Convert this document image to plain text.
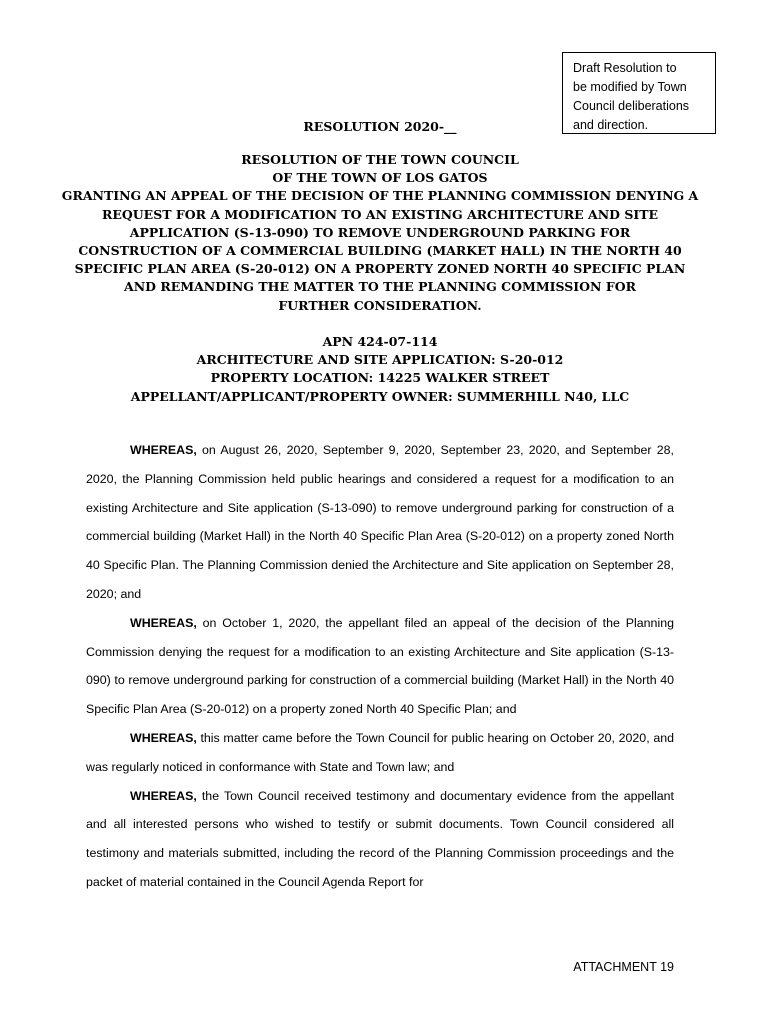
Draft Resolution to
be modified by Town
Council deliberations
and direction.
RESOLUTION 2020-__
RESOLUTION OF THE TOWN COUNCIL
OF THE TOWN OF LOS GATOS
GRANTING AN APPEAL OF THE DECISION OF THE PLANNING COMMISSION DENYING A
REQUEST FOR A MODIFICATION TO AN EXISTING ARCHITECTURE AND SITE
APPLICATION (S-13-090) TO REMOVE UNDERGROUND PARKING FOR
CONSTRUCTION OF A COMMERCIAL BUILDING (MARKET HALL) IN THE NORTH 40
SPECIFIC PLAN AREA (S-20-012) ON A PROPERTY ZONED NORTH 40 SPECIFIC PLAN
AND REMANDING THE MATTER TO THE PLANNING COMMISSION FOR
FURTHER CONSIDERATION.
APN 424-07-114
ARCHITECTURE AND SITE APPLICATION: S-20-012
PROPERTY LOCATION: 14225 WALKER STREET
APPELLANT/APPLICANT/PROPERTY OWNER: SUMMERHILL N40, LLC

WHEREAS, on August 26, 2020, September 9, 2020, September 23, 2020, and September 28, 2020, the Planning Commission held public hearings and considered a request for a modification to an existing Architecture and Site application (S-13-090) to remove underground parking for construction of a commercial building (Market Hall) in the North 40 Specific Plan Area (S-20-012) on a property zoned North 40 Specific Plan. The Planning Commission denied the Architecture and Site application on September 28, 2020; and

WHEREAS, on October 1, 2020, the appellant filed an appeal of the decision of the Planning Commission denying the request for a modification to an existing Architecture and Site application (S-13-090) to remove underground parking for construction of a commercial building (Market Hall) in the North 40 Specific Plan Area (S-20-012) on a property zoned North 40 Specific Plan; and

WHEREAS, this matter came before the Town Council for public hearing on October 20, 2020, and was regularly noticed in conformance with State and Town law; and

WHEREAS, the Town Council received testimony and documentary evidence from the appellant and all interested persons who wished to testify or submit documents. Town Council considered all testimony and materials submitted, including the record of the Planning Commission proceedings and the packet of material contained in the Council Agenda Report for

ATTACHMENT 19
